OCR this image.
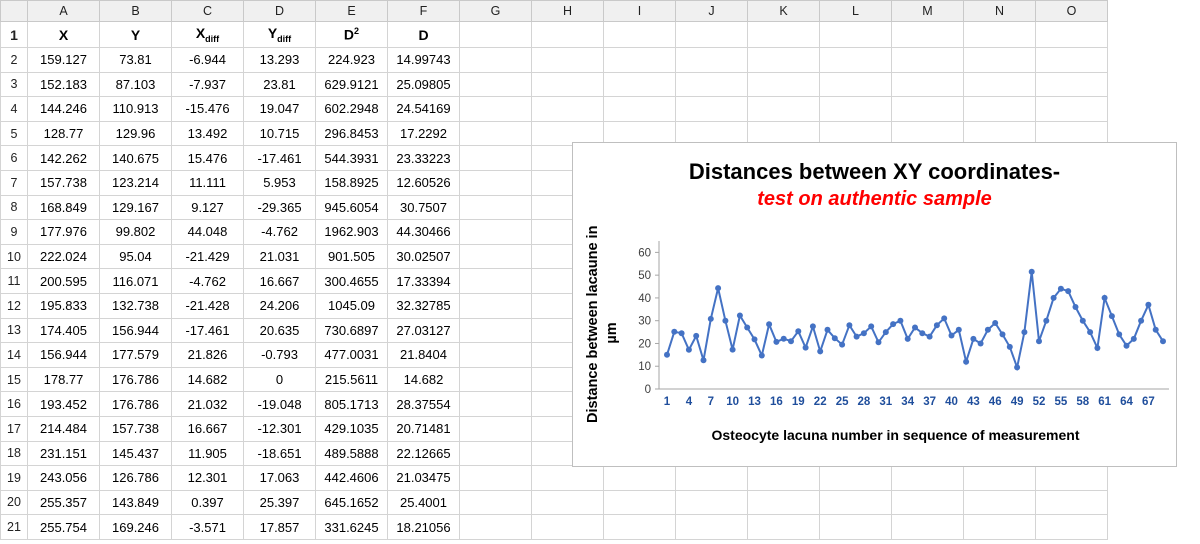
	A	B	C	D	E	F	G	H	I	J	K	L	M	N	O
1	X	Y	$X_{diff}$	$Y_{diff}$	$D^2$	D									
2	159.127	73.81	-6.944	13.293	224.923	14.99743									
3	152.183	87.103	-7.937	23.81	629.9121	25.09805									
4	144.246	110.913	-15.476	19.047	602.2948	24.54169									
5	128.77	129.96	13.492	10.715	296.8453	17.2292									
6	142.262	140.675	15.476	-17.461	544.3931	23.33223									
7	157.738	123.214	11.111	5.953	158.8925	12.60526									
8	168.849	129.167	9.127	-29.365	945.6054	30.7507									
9	177.976	99.802	44.048	-4.762	1962.903	44.30466									
10	222.024	95.04	-21.429	21.031	901.505	30.02507									
11	200.595	116.071	-4.762	16.667	300.4655	17.33394									
12	195.833	132.738	-21.428	24.206	1045.09	32.32785									
13	174.405	156.944	-17.461	20.635	730.6897	27.03127									
14	156.944	177.579	21.826	-0.793	477.0031	21.8404									
15	178.77	176.786	14.682	0	215.5611	14.682									
16	193.452	176.786	21.032	-19.048	805.1713	28.37554									
17	214.484	157.738	16.667	-12.301	429.1035	20.71481									
18	231.151	145.437	11.905	-18.651	489.5888	22.12665									
19	243.056	126.786	12.301	17.063	442.4606	21.03475									
20	255.357	143.849	0.397	25.397	645.1652	25.4001									
21	255.754	169.246	-3.571	17.857	331.6245	18.21056									
Distances between XY coordinates-
test on authentic sample
Distance between lacaune in µm
0
10
20
30
40
50
60
1 4 7 10 13 16 19 22 25 28 31 34 37 40 43 46 49 52 55 58 61 64 67
Osteocyte lacuna number in sequence of measurement
